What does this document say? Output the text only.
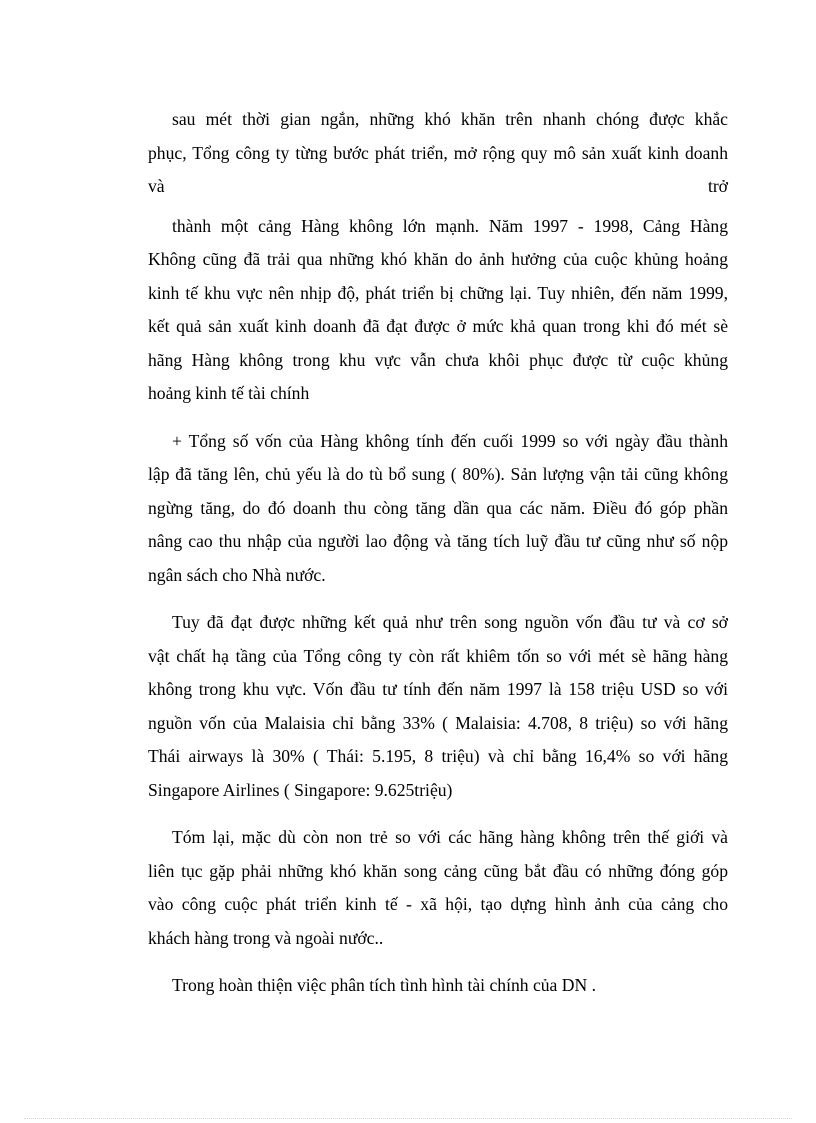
sau mét thời gian ngắn, những khó khăn trên nhanh chóng được khắc
phục, Tổng công ty từng bước phát triển, mở rộng quy mô sản xuất kinh doanh
và	trở
thành một cảng Hàng không lớn mạnh. Năm 1997 - 1998, Cảng Hàng
Không cũng đã trải qua những khó khăn do ảnh hưởng của cuộc khủng hoảng
kinh tế khu vực nên nhịp độ, phát triển bị chững lại. Tuy nhiên, đến năm 1999,
kết quả sản xuất kinh doanh đã đạt được ở mức khả quan trong khi đó mét sè
hãng Hàng không trong khu vực vẫn chưa khôi phục được từ cuộc khủng
hoảng kinh tế tài chính
+ Tổng số vốn của Hàng không tính đến cuối 1999 so với ngày đầu thành
lập đã tăng lên, chủ yếu là do tù bổ sung ( 80%). Sản lượng vận tải cũng không
ngừng tăng, do đó doanh thu còng tăng dần qua các năm. Điều đó góp phần
nâng cao thu nhập của người lao động và tăng tích luỹ đầu tư cũng như số nộp
ngân sách cho Nhà nước.
Tuy đã đạt được những kết quả như trên song nguồn vốn đầu tư và cơ sở
vật chất hạ tầng của Tổng công ty còn rất khiêm tốn so với mét sè hãng hàng
không trong khu vực. Vốn đầu tư tính đến năm 1997 là 158 triệu USD so với
nguồn vốn của Malaisia chỉ bằng 33% ( Malaisia: 4.708, 8 triệu) so với hãng
Thái airways là 30% ( Thái: 5.195, 8 triệu) và chỉ bằng 16,4% so với hãng
Singapore Airlines ( Singapore: 9.625triệu)
Tóm lại, mặc dù còn non trẻ so với các hãng hàng không trên thế giới và
liên tục gặp phải những khó khăn song cảng cũng bắt đầu có những đóng góp
vào công cuộc phát triển kinh tế - xã hội, tạo dựng hình ảnh của cảng cho
khách hàng trong và ngoài nước..
Trong hoàn thiện việc phân tích tình hình tài chính của DN .
